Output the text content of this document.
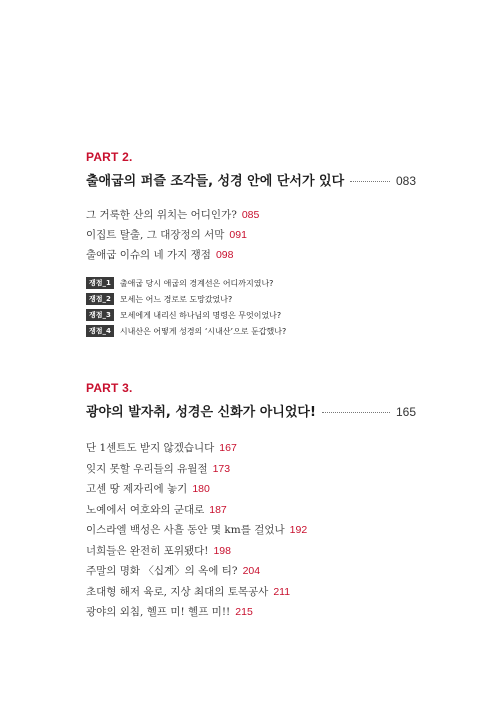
PART 2.
출애굽의 퍼즐 조각들, 성경 안에 단서가 있다	083
그 거룩한 산의 위치는 어디인가? 085
이집트 탈출, 그 대장정의 서막 091
출애굽 이슈의 네 가지 쟁점 098
쟁점_1	출애굽 당시 애굽의 경계선은 어디까지였나?
쟁점_2	모세는 어느 경로로 도망갔었나?
쟁점_3	모세에게 내리신 하나님의 명령은 무엇이었나?
쟁점_4	시내산은 어떻게 성경의 ‘시내산’으로 둔갑했나?
PART 3.
광야의 발자취, 성경은 신화가 아니었다!	165
단 1센트도 받지 않겠습니다 167
잊지 못할 우리들의 유월절 173
고센 땅 제자리에 놓기 180
노예에서 여호와의 군대로 187
이스라엘 백성은 사흘 동안 몇 km를 걸었나 192
너희들은 완전히 포위됐다! 198
주말의 명화 〈십계〉의 옥에 티? 204
초대형 해저 육로, 지상 최대의 토목공사 211
광야의 외침, 헬프 미! 헬프 미!! 215
